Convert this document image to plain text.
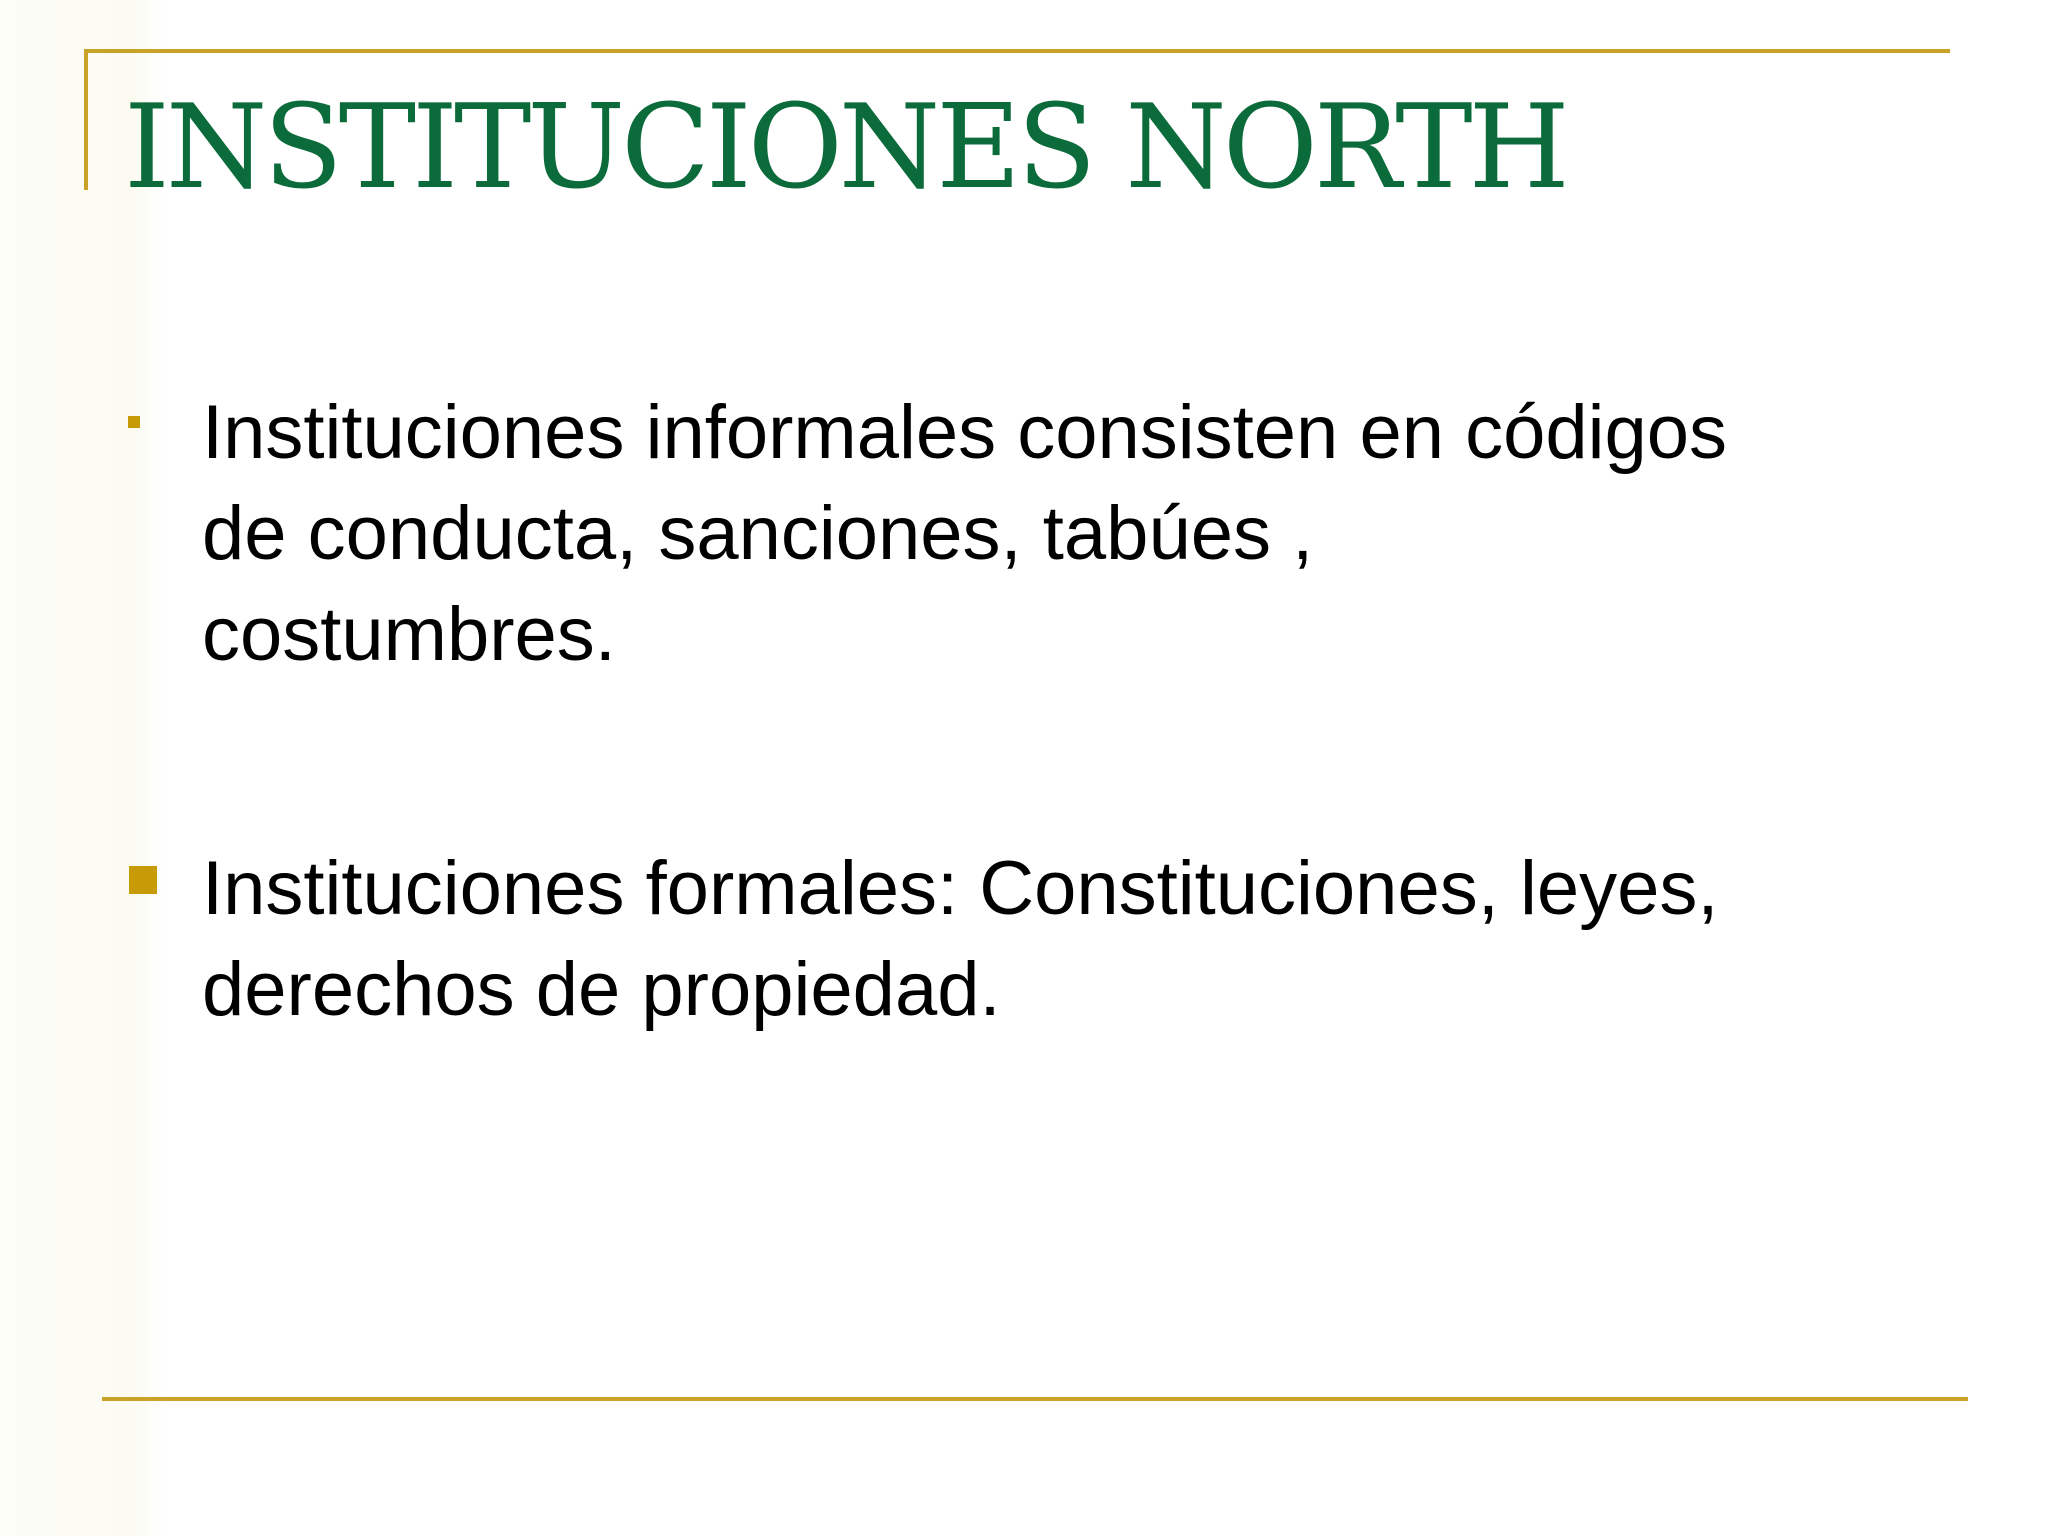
INSTITUCIONES NORTH

Instituciones informales consisten en códigos
de conducta, sanciones, tabúes ,
costumbres.

Instituciones formales: Constituciones, leyes,
derechos de propiedad.
